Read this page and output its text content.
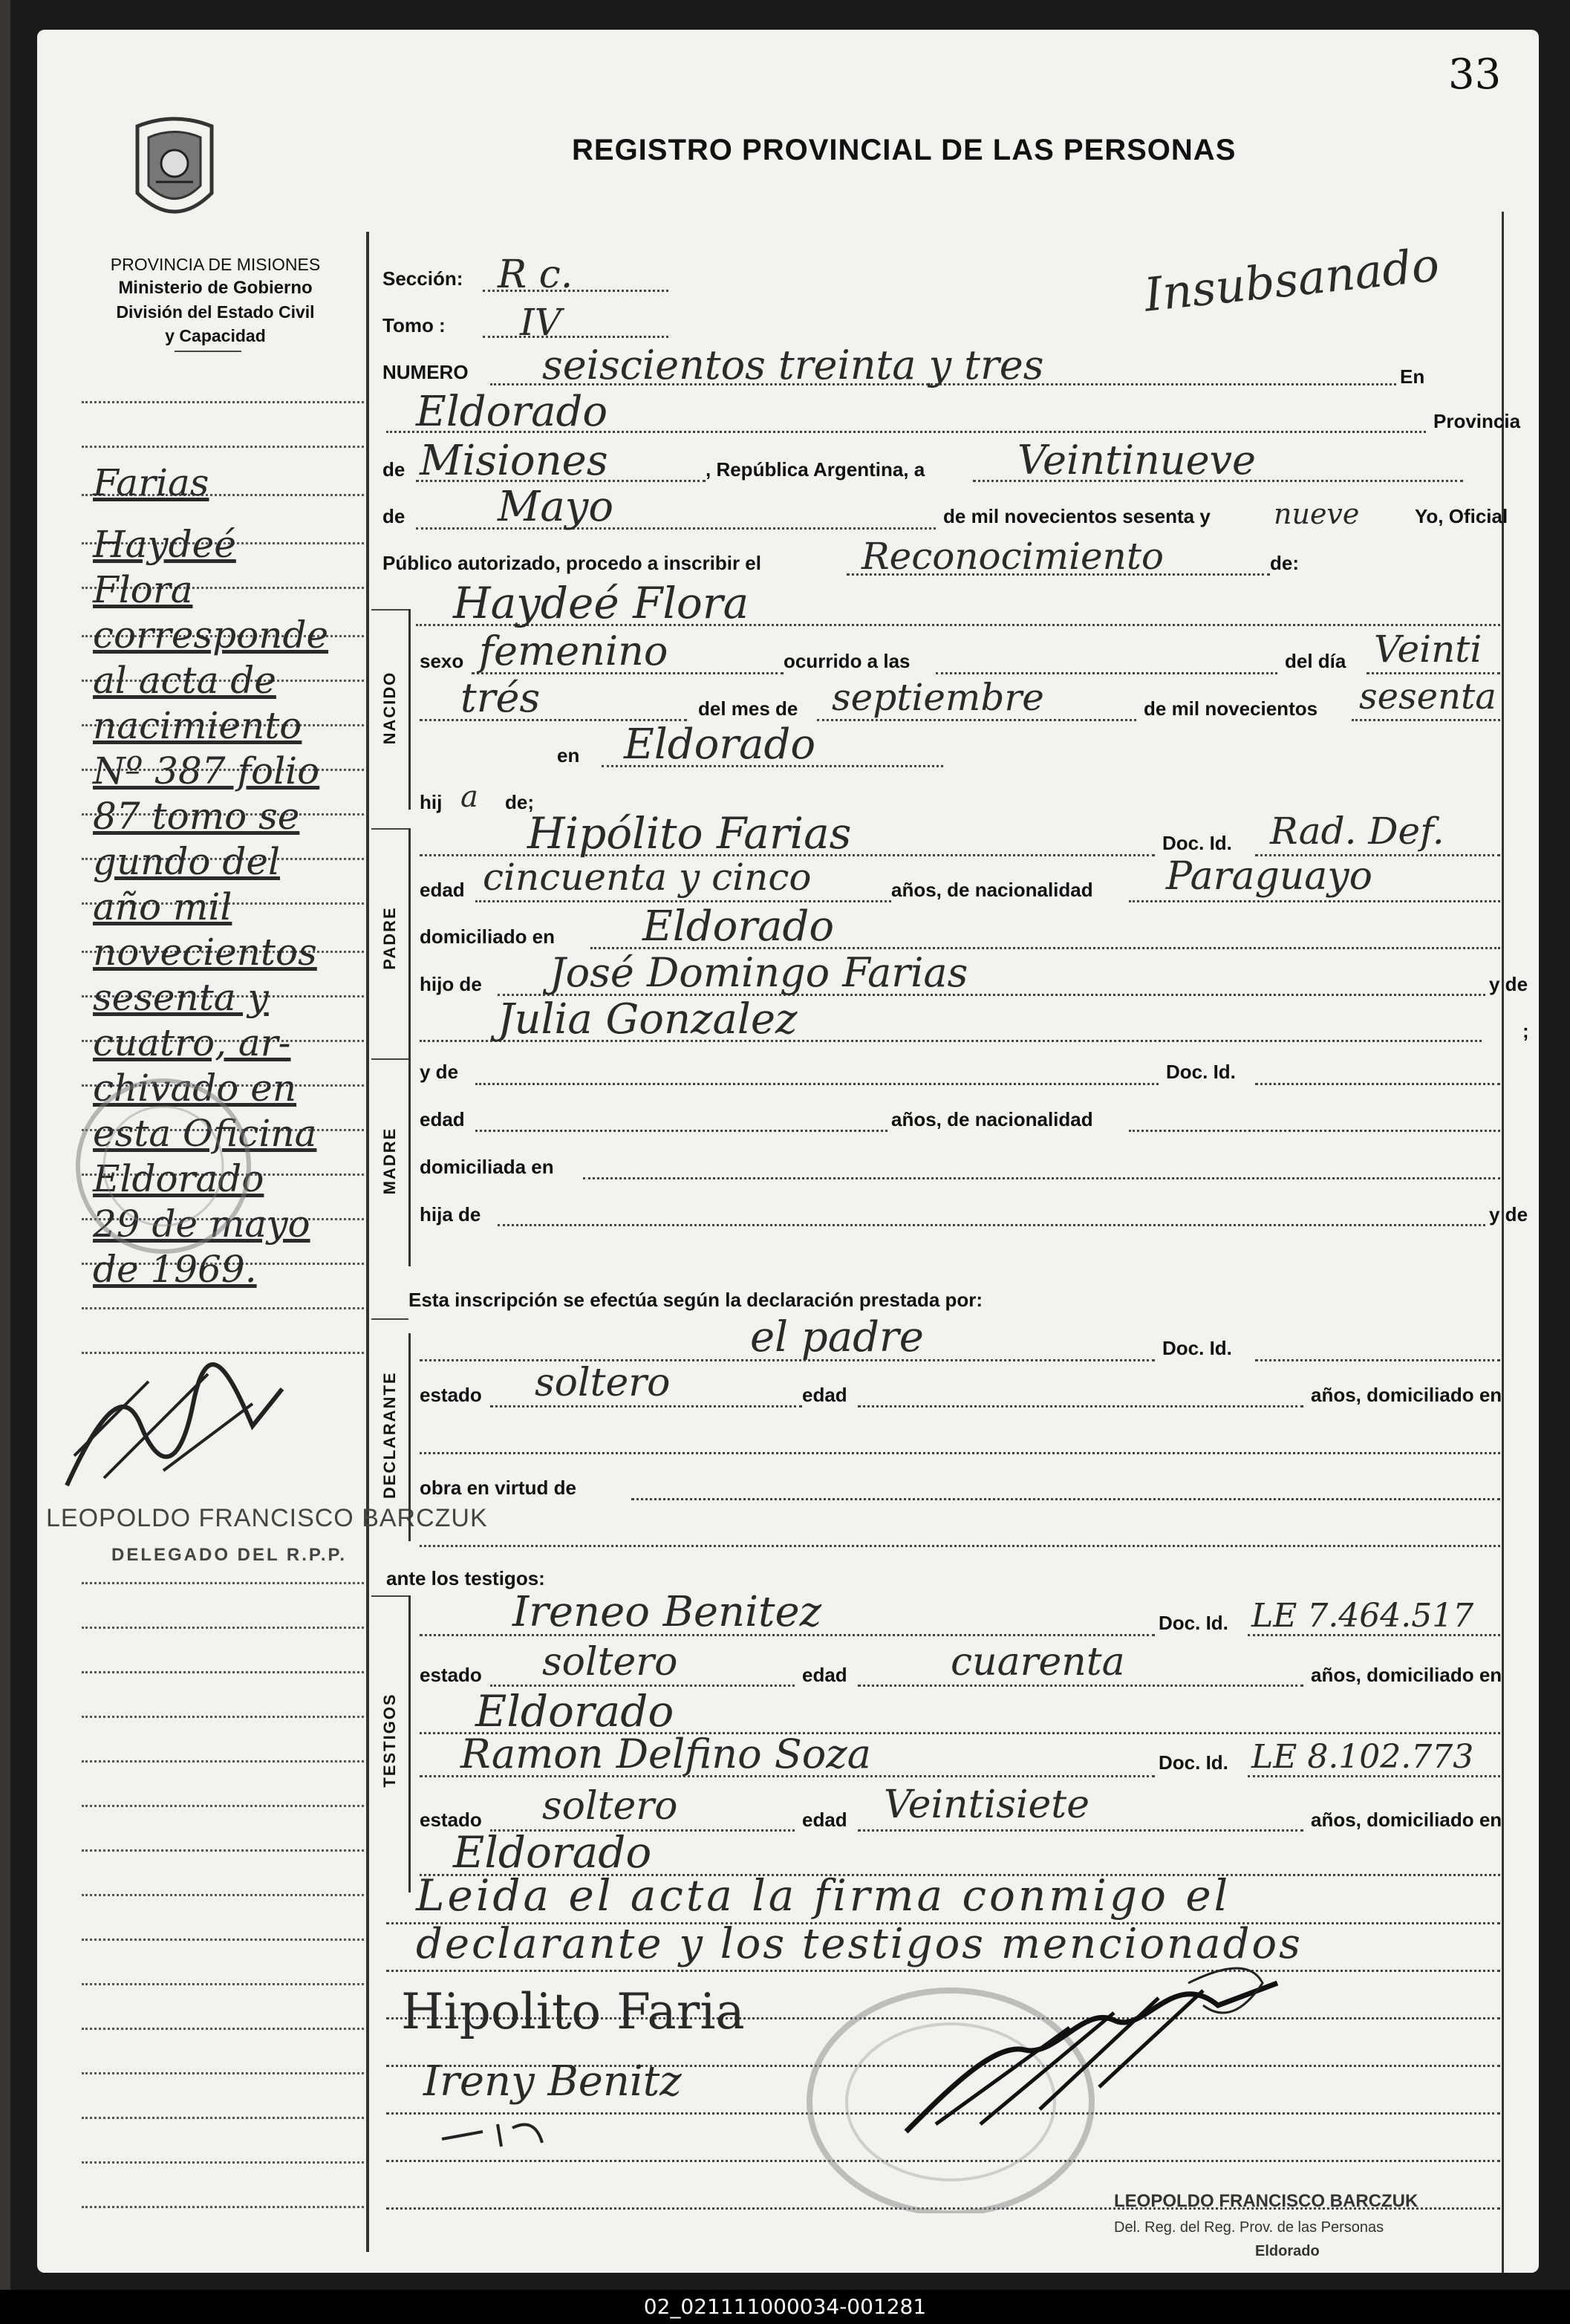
33
REGISTRO PROVINCIAL DE LAS PERSONAS
PROVINCIA DE MISIONES
Ministerio de Gobierno
División del Estado Civil
y Capacidad
Insubsanado
Farias
Haydeé
Flora
corresponde
al acta de
nacimiento
Nº 387 folio
87 tomo se
gundo del
año mil
novecientos
sesenta y
cuatro, ar-
chivado en
esta Oficina
Eldorado
29 de mayo
de 1969.
LEOPOLDO FRANCISCO BARCZUK
DELEGADO DEL R.P.P.
Sección: R c.
Tomo : IV
NUMERO seiscientos treinta y tres	En
Eldorado	Provincia
de Misiones	, República Argentina, a Veintinueve
de Mayo	de mil novecientos sesenta y nueve	Yo, Oficial
Público autorizado, procedo a inscribir el	Reconocimiento	de:
Haydeé Flora
NACIDO
sexo femenino	ocurrido a las	del día Veinti
trés	del mes de septiembre	de mil novecientos sesenta
en Eldorado
hij a de;
PADRE
Hipólito Farias	Doc. Id. Rad. Def.
edad cincuenta y cinco	años, de nacionalidad Paraguayo
domiciliado en Eldorado
hijo de José Domingo Farias	y de
Julia Gonzalez	;
MADRE
y de	Doc. Id.
edad	años, de nacionalidad
domiciliada en
hija de	y de
Esta inscripción se efectúa según la declaración prestada por:
DECLARANTE
el padre	Doc. Id.
estado soltero	edad	años, domiciliado en
obra en virtud de
ante los testigos:
TESTIGOS
Ireneo Benitez	Doc. Id. LE 7.464.517
estado soltero	edad	cuarenta	años, domiciliado en
Eldorado
Ramon Delfino Soza	Doc. Id. LE 8.102.773
estado soltero	edad Veintisiete	años, domiciliado en
Eldorado
Leida el acta la firma conmigo el
declarante y los testigos mencionados
Hipolito Faria
Ireny Benitz
LEOPOLDO FRANCISCO BARCZUK
Del. Reg. del Reg. Prov. de las Personas
Eldorado
02_021111000034-001281
